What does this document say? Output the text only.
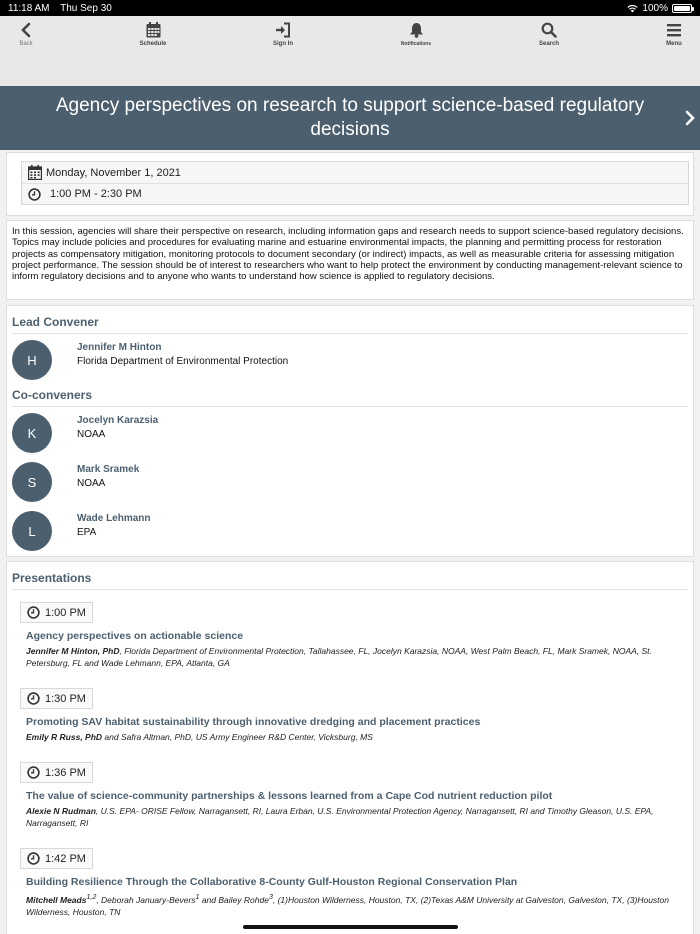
11:18 AM Thu Sep 30	100%
Back	Schedule	Sign In	Notifications	Search	Menu
Agency perspectives on research to support science-based regulatory decisions
Monday, November 1, 2021
1:00 PM - 2:30 PM

In this session, agencies will share their perspective on research, including information gaps and research needs to support science-based regulatory decisions. Topics may include policies and procedures for evaluating marine and estuarine environmental impacts, the planning and permitting process for restoration projects as compensatory mitigation, monitoring protocols to document secondary (or indirect) impacts, as well as measurable criteria for assessing mitigation project performance. The session should be of interest to researchers who want to help protect the environment by conducting management-relevant science to inform regulatory decisions and to anyone who wants to understand how science is applied to regulatory decisions.

Lead Convener
H
Jennifer M Hinton
Florida Department of Environmental Protection
Co-conveners
K
Jocelyn Karazsia
NOAA
S
Mark Sramek
NOAA
L
Wade Lehmann
EPA
Presentations
1:00 PM
Agency perspectives on actionable science
Jennifer M Hinton, PhD, Florida Department of Environmental Protection, Tallahassee, FL, Jocelyn Karazsia, NOAA, West Palm Beach, FL, Mark Sramek, NOAA, St. Petersburg, FL and Wade Lehmann, EPA, Atlanta, GA
1:30 PM
Promoting SAV habitat sustainability through innovative dredging and placement practices
Emily R Russ, PhD and Safra Altman, PhD, US Army Engineer R&D Center, Vicksburg, MS
1:36 PM
The value of science-community partnerships & lessons learned from a Cape Cod nutrient reduction pilot
Alexie N Rudman, U.S. EPA- ORISE Fellow, Narragansett, RI, Laura Erban, U.S. Environmental Protection Agency, Narragansett, RI and Timothy Gleason, U.S. EPA, Narragansett, RI
1:42 PM
Building Resilience Through the Collaborative 8-County Gulf-Houston Regional Conservation Plan
Mitchell Meads$^{1,2}$, Deborah January-Bevers$^1$ and Bailey Rohde$^3$, (1)Houston Wilderness, Houston, TX, (2)Texas A&M University at Galveston, Galveston, TX, (3)Houston Wilderness, Houston, TN
